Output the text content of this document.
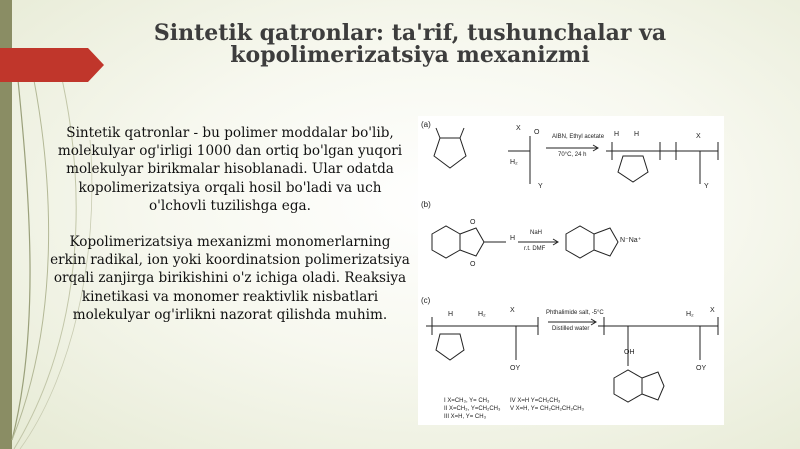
Sintetik qatronlar: ta'rif, tushunchalar va kopolimerizatsiya mexanizmi

Sintetik qatronlar - bu polimer moddalar bo'lib, molekulyar og'irligi 1000 dan ortiq bo'lgan yuqori molekulyar birikmalar hisoblanadi. Ular odatda kopolimerizatsiya orqali hosil bo'ladi va uch o'lchovli tuzilishga ega.

Kopolimerizatsiya mexanizmi monomerlarning erkin radikal, ion yoki koordinatsion polimerizatsiya orqali zanjirga birikishini o'z ichiga oladi. Reaksiya kinetikasi va monomer reaktivlik nisbatlari molekulyar og'irlikni nazorat qilishda muhim.

X
Y
O
H₂
X
Y
H H
H
O
O
N⁻Na⁺
H	H₂
X
OY
OH
OY
H₂
X
(a)
(b)
(c)
AIBN, Ethyl acetate
70°C, 24 h
NaH
r.t. DMF
Phthalimide salt, -5°C
Distilled water
I X=CH₃, Y= CH₃
II X=CH₃, Y=CH₂CH₃
III X=H, Y= CH₃
IV X=H Y=CH₂CH₃
V X=H, Y= CH₂CH₂CH₂CH₃
